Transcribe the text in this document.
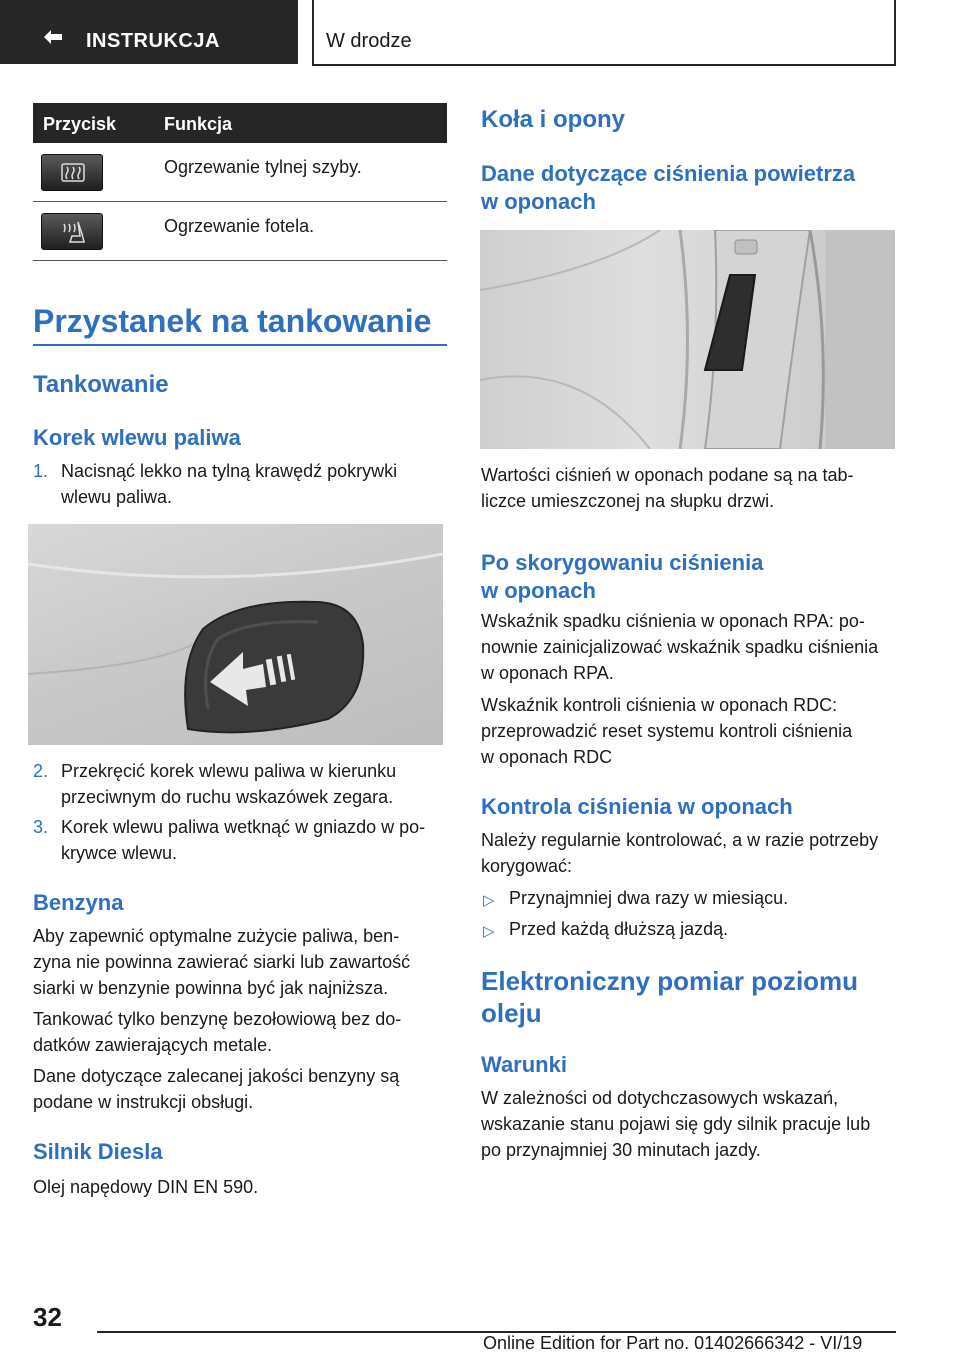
INSTRUKCJA	W drodze
Przycisk	Funkcja
Ogrzewanie tylnej szyby.
Ogrzewanie fotela.
Przystanek na tankowanie
Tankowanie
Korek wlewu paliwa
1. Nacisnąć lekko na tylną krawędź pokrywki
wlewu paliwa.
2. Przekręcić korek wlewu paliwa w kierunku
przeciwnym do ruchu wskazówek zegara.
3. Korek wlewu paliwa wetknąć w gniazdo w po-
krywce wlewu.
Benzyna
Aby zapewnić optymalne zużycie paliwa, ben-
zyna nie powinna zawierać siarki lub zawartość
siarki w benzynie powinna być jak najniższa.
Tankować tylko benzynę bezołowiową bez do-
datków zawierających metale.
Dane dotyczące zalecanej jakości benzyny są
podane w instrukcji obsługi.
Silnik Diesla
Olej napędowy DIN EN 590.
Koła i opony
Dane dotyczące ciśnienia powietrza
w oponach
Wartości ciśnień w oponach podane są na tab-
liczce umieszczonej na słupku drzwi.
Po skorygowaniu ciśnienia
w oponach
Wskaźnik spadku ciśnienia w oponach RPA: po-
nownie zainicjalizować wskaźnik spadku ciśnienia
w oponach RPA.
Wskaźnik kontroli ciśnienia w oponach RDC:
przeprowadzić reset systemu kontroli ciśnienia
w oponach RDC
Kontrola ciśnienia w oponach
Należy regularnie kontrolować, a w razie potrzeby
korygować:
▷ Przynajmniej dwa razy w miesiącu.
▷ Przed każdą dłuższą jazdą.
Elektroniczny pomiar poziomu
oleju
Warunki
W zależności od dotychczasowych wskazań,
wskazanie stanu pojawi się gdy silnik pracuje lub
po przynajmniej 30 minutach jazdy.
32
Online Edition for Part no. 01402666342 - VI/19
